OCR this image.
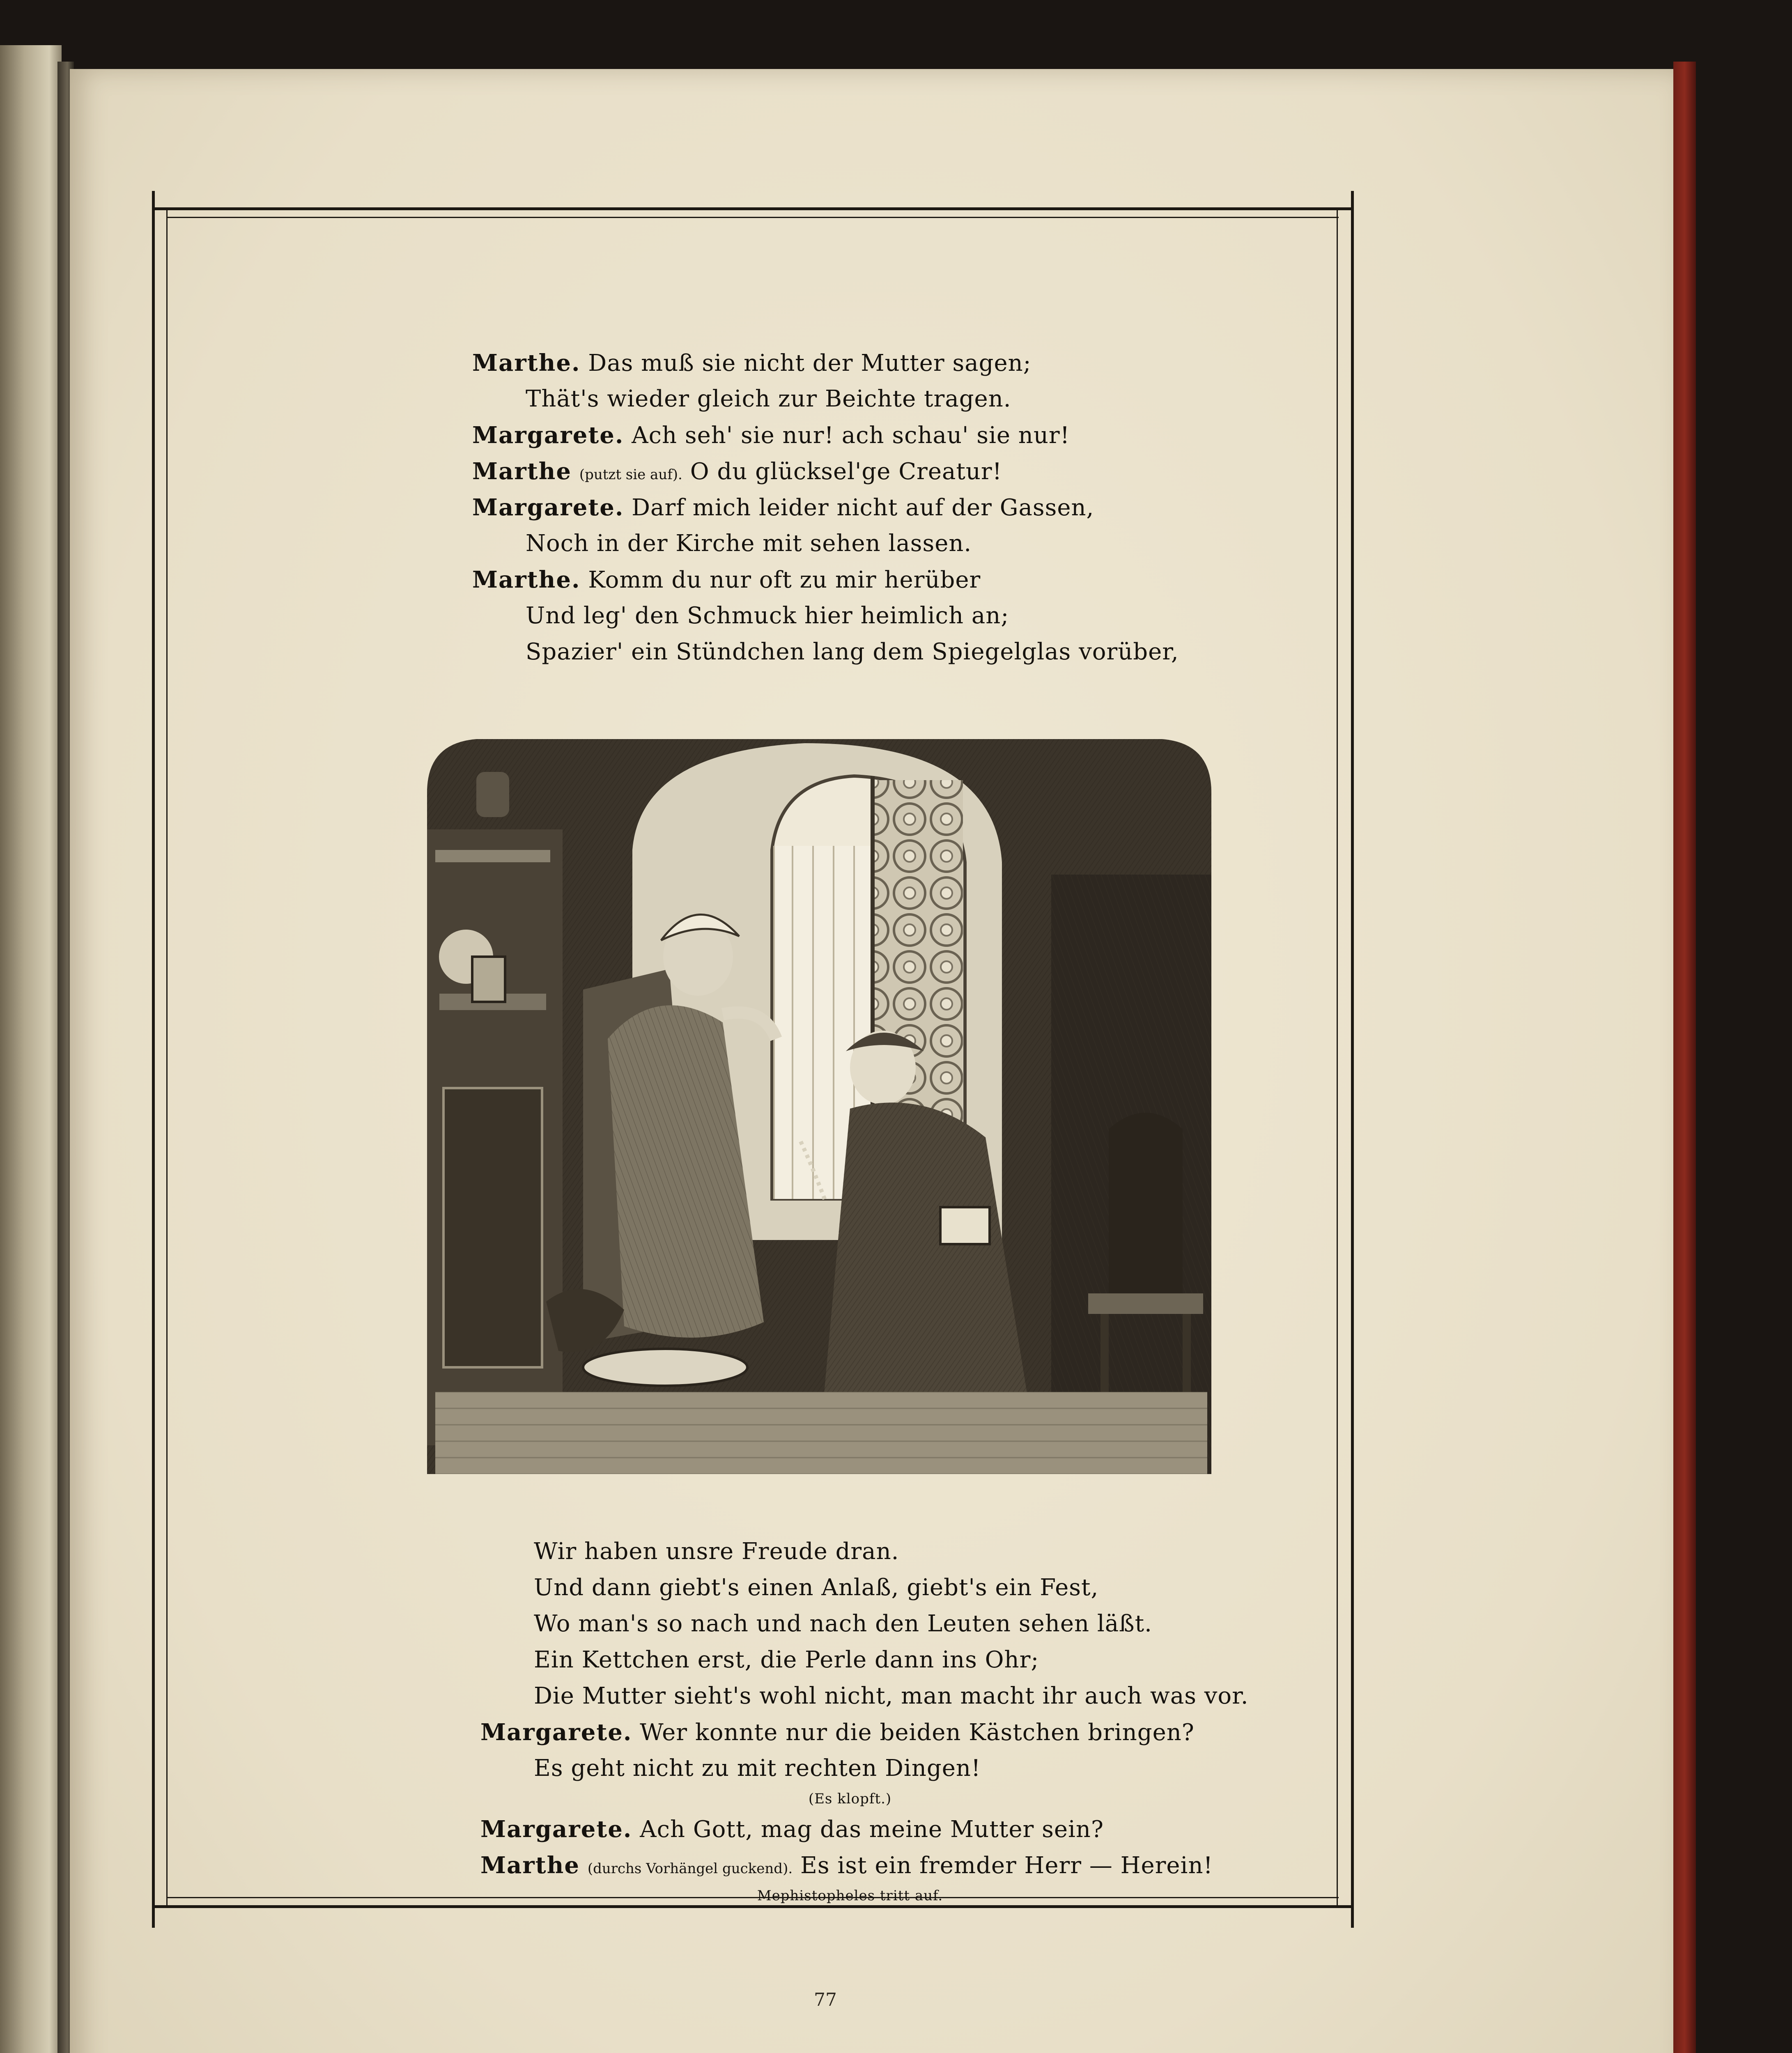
Marthe. Das muß sie nicht der Mutter sagen;
Thät's wieder gleich zur Beichte tragen.
Margarete. Ach seh' sie nur! ach schau' sie nur!
Marthe (putzt sie auf). O du glücksel'ge Creatur!
Margarete. Darf mich leider nicht auf der Gassen,
Noch in der Kirche mit sehen lassen.
Marthe. Komm du nur oft zu mir herüber
Und leg' den Schmuck hier heimlich an;
Spazier' ein Stündchen lang dem Spiegelglas vorüber,
Wir haben unsre Freude dran.
Und dann giebt's einen Anlaß, giebt's ein Fest,
Wo man's so nach und nach den Leuten sehen läßt.
Ein Kettchen erst, die Perle dann ins Ohr;
Die Mutter sieht's wohl nicht, man macht ihr auch was vor.
Margarete. Wer konnte nur die beiden Kästchen bringen?
Es geht nicht zu mit rechten Dingen!
(Es klopft.)
Margarete. Ach Gott, mag das meine Mutter sein?
Marthe (durchs Vorhängel guckend). Es ist ein fremder Herr — Herein!
Mephistopheles tritt auf.
77
